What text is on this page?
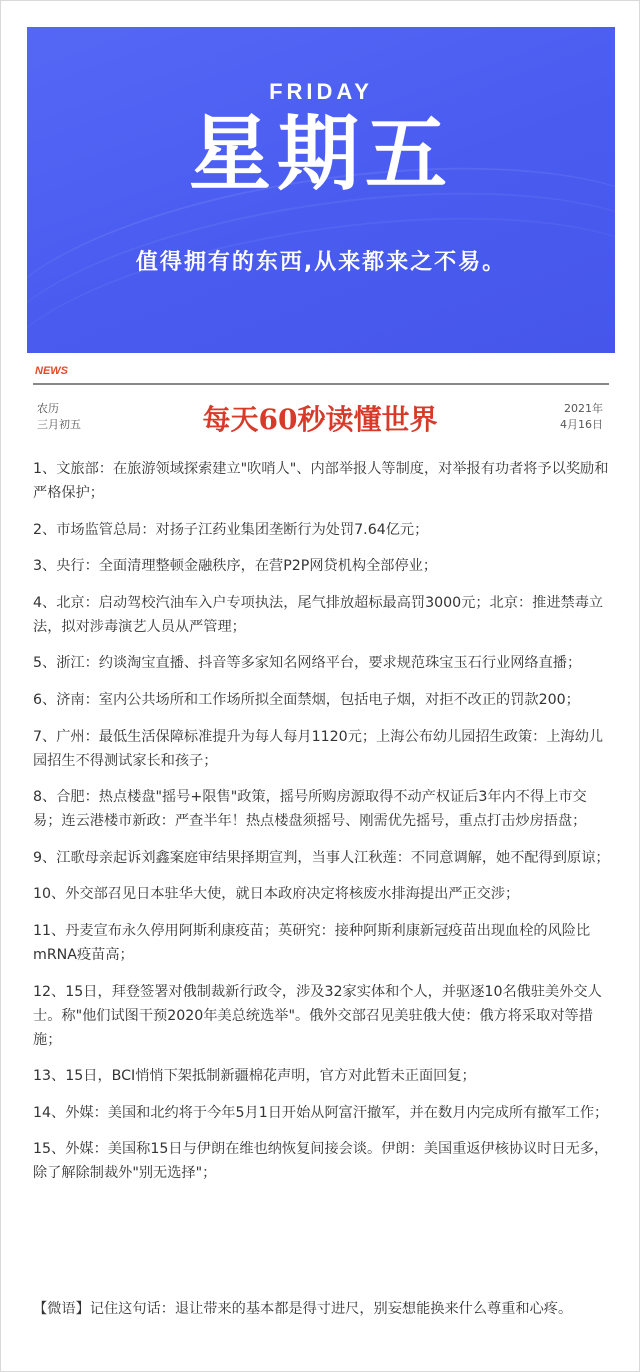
FRIDAY
星期五
值得拥有的东西,从来都来之不易。
NEWS
农历
三月初五	每天60秒读懂世界	2021年
4月16日
1、文旅部：在旅游领域探索建立"吹哨人"、内部举报人等制度，对举报有功者将予以奖励和严格保护；
2、市场监管总局：对扬子江药业集团垄断行为处罚7.64亿元；
3、央行：全面清理整顿金融秩序，在营P2P网贷机构全部停业；
4、北京：启动驾校汽油车入户专项执法，尾气排放超标最高罚3000元；北京：推进禁毒立法，拟对涉毒演艺人员从严管理；
5、浙江：约谈淘宝直播、抖音等多家知名网络平台，要求规范珠宝玉石行业网络直播；
6、济南：室内公共场所和工作场所拟全面禁烟，包括电子烟，对拒不改正的罚款200；
7、广州：最低生活保障标准提升为每人每月1120元；上海公布幼儿园招生政策：上海幼儿园招生不得测试家长和孩子；
8、合肥：热点楼盘"摇号+限售"政策，摇号所购房源取得不动产权证后3年内不得上市交易；连云港楼市新政：严查半年！热点楼盘须摇号、刚需优先摇号，重点打击炒房捂盘；
9、江歌母亲起诉刘鑫案庭审结果择期宣判，当事人江秋莲：不同意调解，她不配得到原谅；
10、外交部召见日本驻华大使，就日本政府决定将核废水排海提出严正交涉；
11、丹麦宣布永久停用阿斯利康疫苗；英研究：接种阿斯利康新冠疫苗出现血栓的风险比mRNA疫苗高；
12、15日，拜登签署对俄制裁新行政令，涉及32家实体和个人，并驱逐10名俄驻美外交人士。称"他们试图干预2020年美总统选举"。俄外交部召见美驻俄大使：俄方将采取对等措施；
13、15日，BCI悄悄下架抵制新疆棉花声明，官方对此暂未正面回复；
14、外媒：美国和北约将于今年5月1日开始从阿富汗撤军，并在数月内完成所有撤军工作；
15、外媒：美国称15日与伊朗在维也纳恢复间接会谈。伊朗：美国重返伊核协议时日无多，除了解除制裁外"别无选择"；

【微语】记住这句话：退让带来的基本都是得寸进尺，别妄想能换来什么尊重和心疼。
